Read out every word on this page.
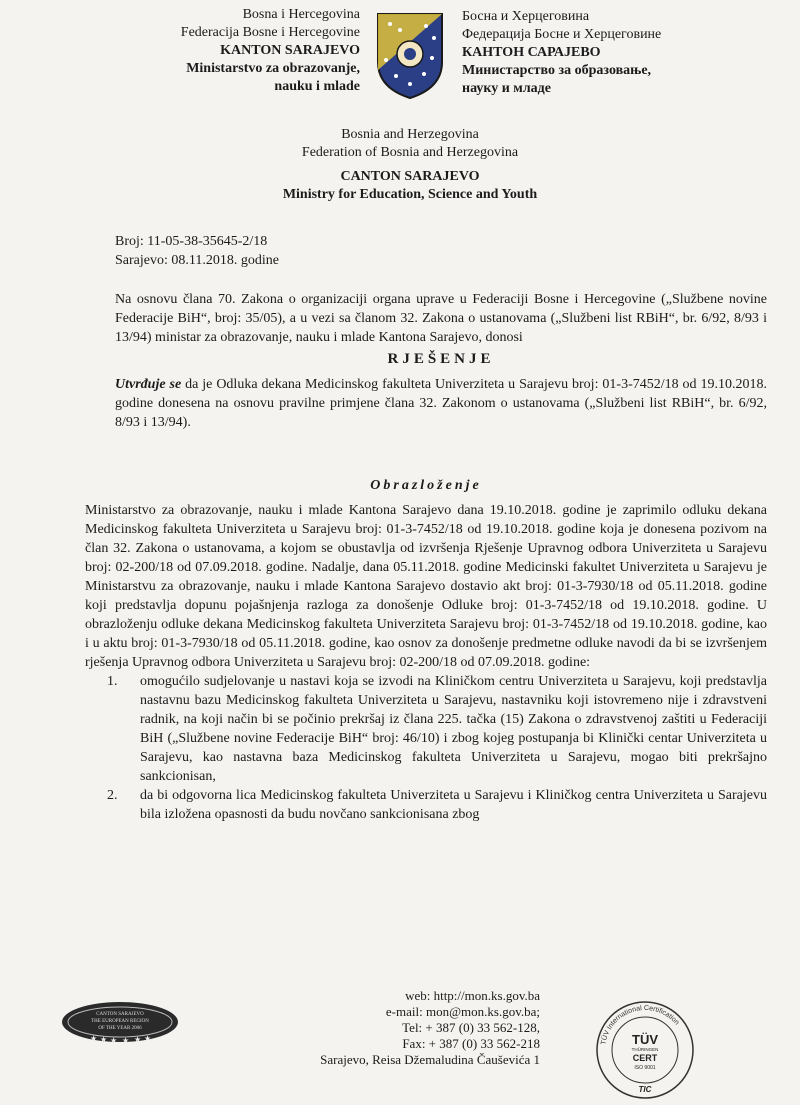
Bosna i Hercegovina
Federacija Bosne i Hercegovine
KANTON SARAJEVO
Ministarstvo za obrazovanje,
nauku i mlade
Босна и Херцеговина
Федерација Босне и Херцеговине
КАНТОН САРАЈЕВО
Министарство за образовање,
науку и младе
Bosnia and Herzegovina
Federation of Bosnia and Herzegovina
CANTON SARAJEVO
Ministry for Education, Science and Youth
Broj: 11-05-38-35645-2/18
Sarajevo: 08.11.2018. godine

Na osnovu člana 70. Zakona o organizaciji organa uprave u Federaciji Bosne i Hercegovine („Službene novine Federacije BiH“, broj: 35/05), a u vezi sa članom 32. Zakona o ustanovama („Službeni list RBiH“, br. 6/92, 8/93 i 13/94) ministar za obrazovanje, nauku i mlade Kantona Sarajevo, donosi

RJEŠENJE

Utvrđuje se da je Odluka dekana Medicinskog fakulteta Univerziteta u Sarajevu broj: 01-3-7452/18 od 19.10.2018. godine donesena na osnovu pravilne primjene člana 32. Zakonom o ustanovama („Službeni list RBiH“, br. 6/92, 8/93 i 13/94).

Obrazloženje

Ministarstvo za obrazovanje, nauku i mlade Kantona Sarajevo dana 19.10.2018. godine je zaprimilo odluku dekana Medicinskog fakulteta Univerziteta u Sarajevu broj: 01-3-7452/18 od 19.10.2018. godine koja je donesena pozivom na član 32. Zakona o ustanovama, a kojom se obustavlja od izvršenja Rješenje Upravnog odbora Univerziteta u Sarajevu broj: 02-200/18 od 07.09.2018. godine. Nadalje, dana 05.11.2018. godine Medicinski fakultet Univerziteta u Sarajevu je Ministarstvu za obrazovanje, nauku i mlade Kantona Sarajevo dostavio akt broj: 01-3-7930/18 od 05.11.2018. godine koji predstavlja dopunu pojašnjenja razloga za donošenje Odluke broj: 01-3-7452/18 od 19.10.2018. godine. U obrazloženju odluke dekana Medicinskog fakulteta Univerziteta Sarajevu broj: 01-3-7452/18 od 19.10.2018. godine, kao i u aktu broj: 01-3-7930/18 od 05.11.2018. godine, kao osnov za donošenje predmetne odluke navodi da bi se izvršenjem rješenja Upravnog odbora Univerziteta u Sarajevu broj: 02-200/18 od 07.09.2018. godine:

1. omogućilo sudjelovanje u nastavi koja se izvodi na Kliničkom centru Univerziteta u Sarajevu, koji predstavlja nastavnu bazu Medicinskog fakulteta Univerziteta u Sarajevu, nastavniku koji istovremeno nije i zdravstveni radnik, na koji način bi se počinio prekršaj iz člana 225. tačka (15) Zakona o zdravstvenoj zaštiti u Federaciji BiH („Službene novine Federacije BiH“ broj: 46/10) i zbog kojeg postupanja bi Klinički centar Univerziteta u Sarajevu, kao nastavna baza Medicinskog fakulteta Univerziteta u Sarajevu, mogao biti prekršajno sankcionisan,
2. da bi odgovorna lica Medicinskog fakulteta Univerziteta u Sarajevu i Kliničkog centra Univerziteta u Sarajevu bila izložena opasnosti da budu novčano sankcionisana zbog
CANTON SARAJEVO
THE EUROPEAN REGION
OF THE YEAR 2006
★ ★ ★ ★ ★ ★
web: http://mon.ks.gov.ba
e-mail: mon@mon.ks.gov.ba;
Tel: + 387 (0) 33 562-128,
Fax: + 387 (0) 33 562-218
Sarajevo, Reisa Džemaludina Čauševića 1
TÜV International Certification
TÜV
THÜRINGEN
CERT
ISO 9001
TIC
